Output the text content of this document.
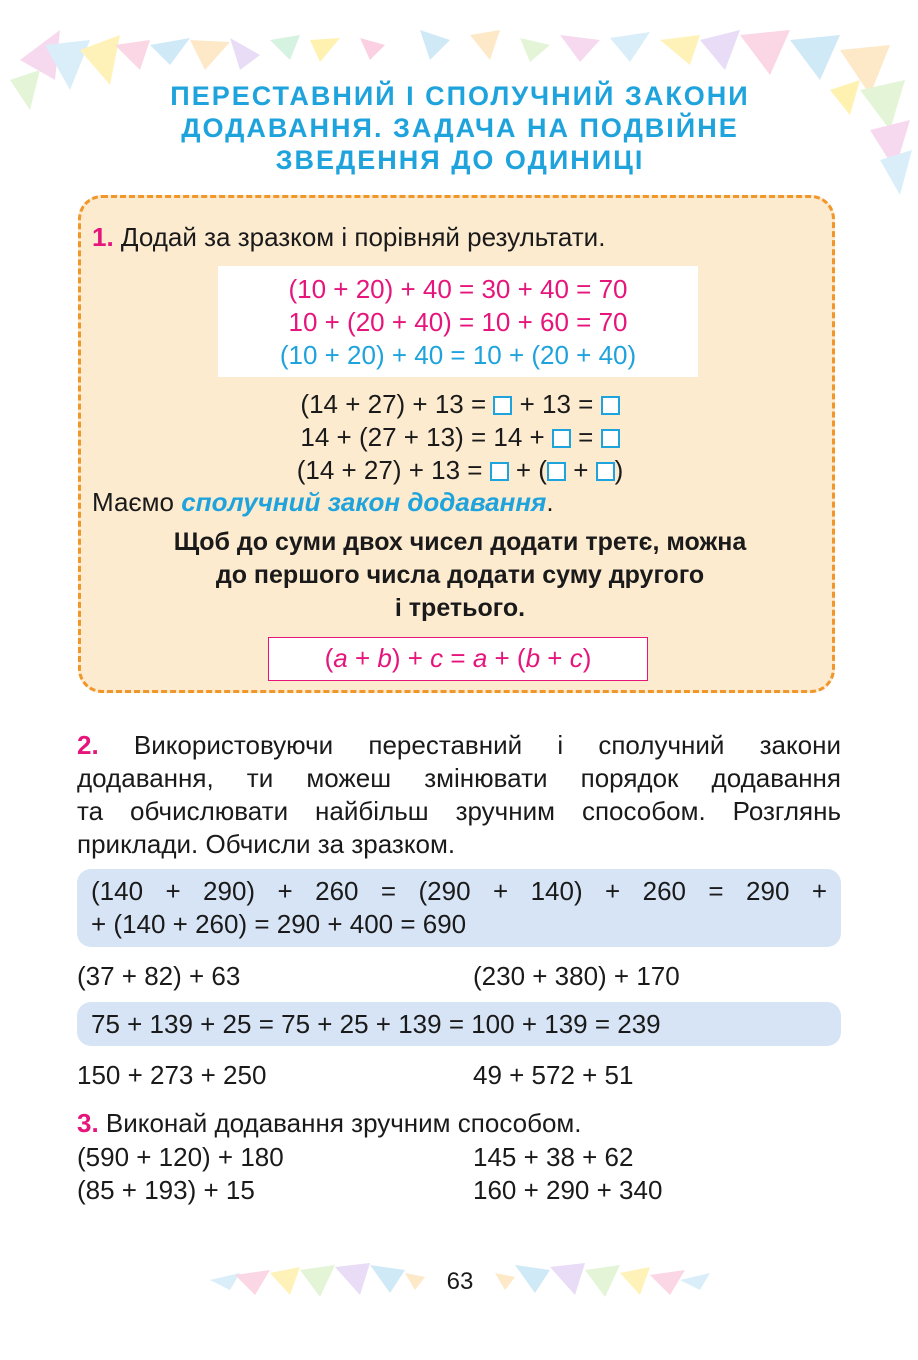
ПЕРЕСТАВНИЙ І СПОЛУЧНИЙ ЗАКОНИ
ДОДАВАННЯ. ЗАДАЧА НА ПОДВІЙНЕ
ЗВЕДЕННЯ ДО ОДИНИЦІ
1. Додай за зразком і порівняй результати.
(10 + 20) + 40 = 30 + 40 = 70
10 + (20 + 40) = 10 + 60 = 70
(10 + 20) + 40 = 10 + (20 + 40)
(14 + 27) + 13 =  + 13 =
14 + (27 + 13) = 14 +  =
(14 + 27) + 13 =  + ( + )
Маємо сполучний закон додавання.
Щоб до суми двох чисел додати третє, можна
до першого числа додати суму другого
і третього.
(a + b) + c = a + (b + c)
2. Використовуючи переставний і сполучний закони
додавання, ти можеш змінювати порядок додавання
та обчислювати найбільш зручним способом. Розглянь
приклади. Обчисли за зразком.
(140 + 290) + 260 = (290 + 140) + 260 = 290 +
+ (140 + 260) = 290 + 400 = 690
(37 + 82) + 63	(230 + 380) + 170
75 + 139 + 25 = 75 + 25 + 139 = 100 + 139 = 239
150 + 273 + 250	49 + 572 + 51
3. Виконай додавання зручним способом.
(590 + 120) + 180	145 + 38 + 62
(85 + 193) + 15	160 + 290 + 340
63
